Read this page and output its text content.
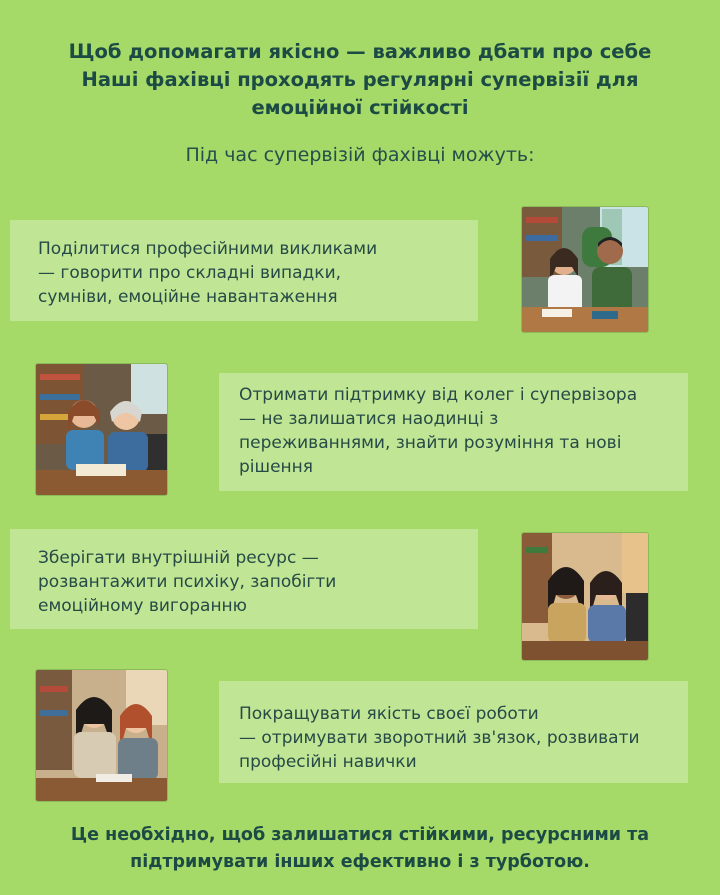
Щоб допомагати якісно — важливо дбати про себе
Наші фахівці проходять регулярні супервізії для
емоційної стійкості
Під час супервізій фахівці можуть:
Поділитися професійними викликами
— говорити про складні випадки,
сумніви, емоційне навантаження
Отримати підтримку від колег і супервізора
— не залишатися наодинці з
переживаннями, знайти розуміння та нові
рішення
Зберігати внутрішній ресурс —
розвантажити психіку, запобігти
емоційному вигоранню
Покращувати якість своєї роботи
— отримувати зворотний зв'язок, розвивати
професійні навички
Це необхідно, щоб залишатися стійкими, ресурсними та
підтримувати інших ефективно і з турботою.
